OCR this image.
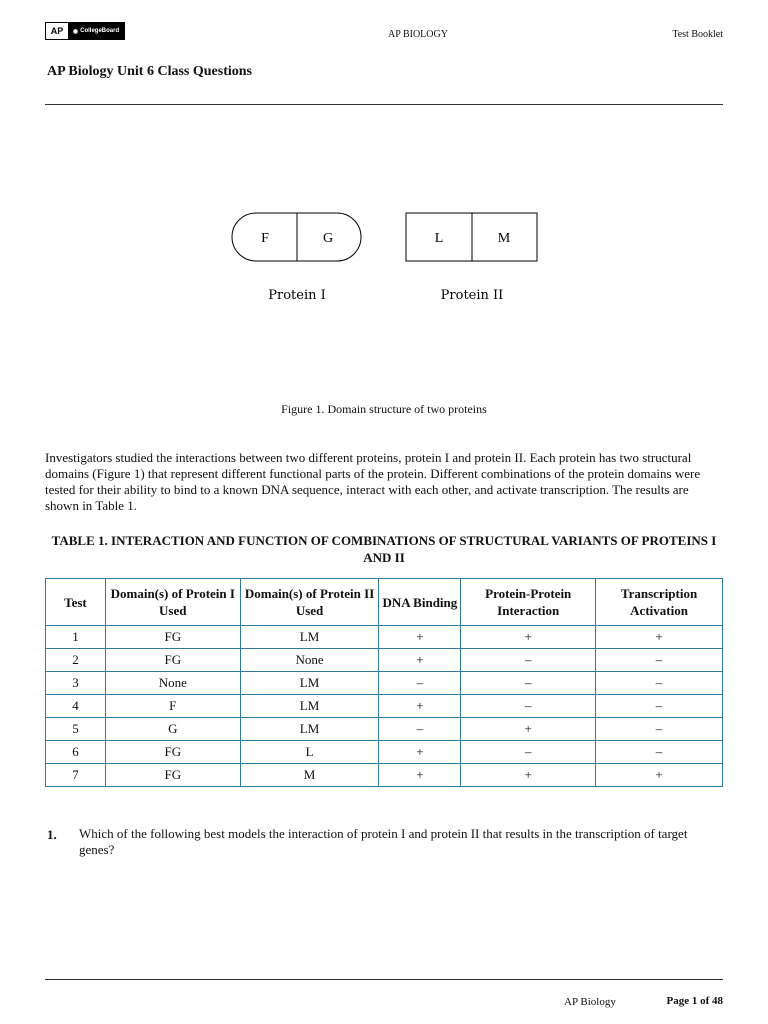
AP	◉ CollegeBoard	AP BIOLOGY	Test Booklet
AP Biology Unit 6 Class Questions
F	G
Protein I
L	M
Protein II
Figure 1. Domain structure of two proteins

Investigators studied the interactions between two different proteins, protein I and protein II. Each protein has two structural domains (Figure 1) that represent different functional parts of the protein. Different combinations of the protein domains were tested for their ability to bind to a known DNA sequence, interact with each other, and activate transcription. The results are shown in Table 1.

TABLE 1. INTERACTION AND FUNCTION OF COMBINATIONS OF STRUCTURAL VARIANTS OF PROTEINS I AND II

Test	Domain(s) of Protein I Used	Domain(s) of Protein II Used	DNA Binding	Protein-Protein Interaction	Transcription Activation
1	FG	LM	+	+	+
2	FG	None	+	–	–
3	None	LM	–	–	–
4	F	LM	+	–	–
5	G	LM	–	+	–
6	FG	L	+	–	–
7	FG	M	+	+	+
1. Which of the following best models the interaction of protein I and protein II that results in the transcription of target genes?

AP Biology	Page 1 of 48
